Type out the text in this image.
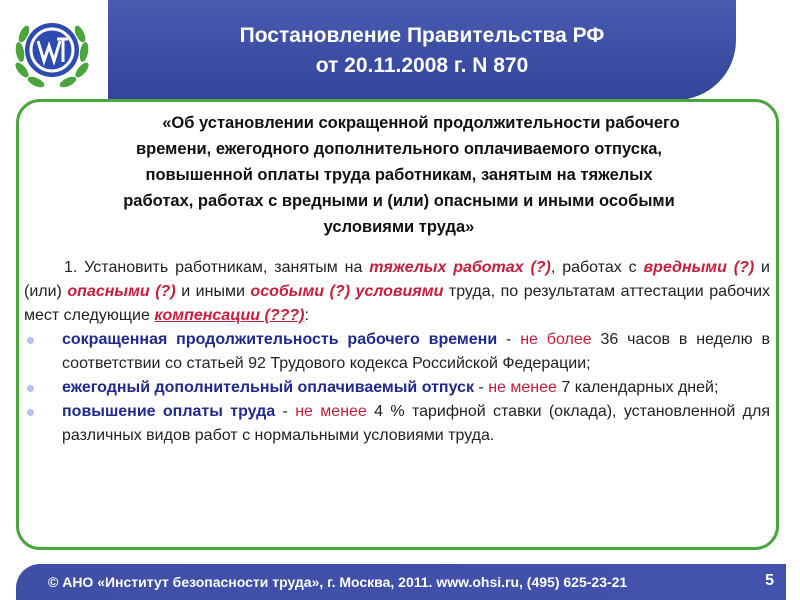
Постановление Правительства РФ
от 20.11.2008 г. N 870
«Об установлении сокращенной продолжительности рабочего
времени, ежегодного дополнительного оплачиваемого отпуска,
повышенной оплаты труда работникам, занятым на тяжелых
работах, работах с вредными и (или) опасными и иными особыми
условиями труда»

1. Установить работникам, занятым на тяжелых работах (?), работах с вредными (?) и (или) опасными (?) и иными особыми (?) условиями труда, по результатам аттестации рабочих мест следующие компенсации (???):

сокращенная продолжительность рабочего времени - не более 36 часов в неделю в соответствии со статьей 92 Трудового кодекса Российской Федерации;
ежегодный дополнительный оплачиваемый отпуск - не менее 7 календарных дней;
повышение оплаты труда - не менее 4 % тарифной ставки (оклада), установленной для различных видов работ с нормальными условиями труда.
© АНО «Институт безопасности труда», г. Москва, 2011. www.ohsi.ru, (495) 625-23-21	5
